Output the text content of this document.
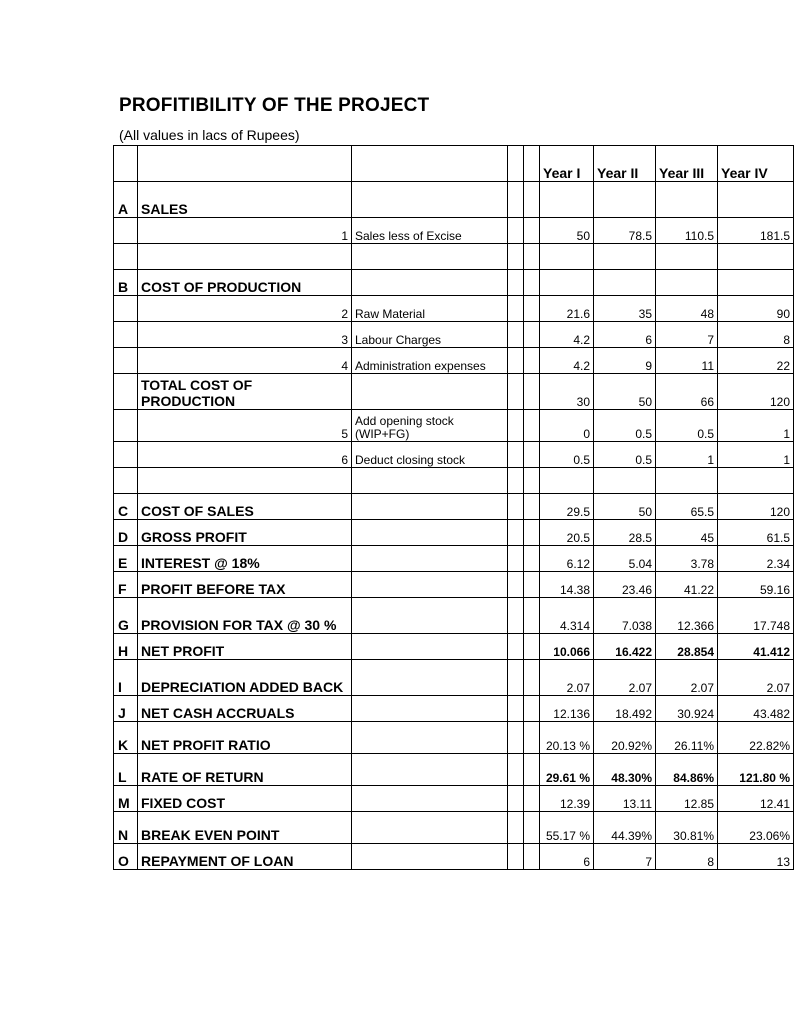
PROFITIBILITY OF THE PROJECT
(All values in lacs of Rupees)
					Year I	Year II	Year III	Year IV
A	SALES							
	1	Sales less of Excise			50	78.5	110.5	181.5

B	COST OF PRODUCTION							
	2	Raw Material			21.6	35	48	90
	3	Labour Charges			4.2	6	7	8
	4	Administration expenses			4.2	9	11	22
	TOTAL COST OF PRODUCTION				30	50	66	120
	5	Add opening stock (WIP+FG)			0	0.5	0.5	1
	6	Deduct closing stock			0.5	0.5	1	1

C	COST OF SALES				29.5	50	65.5	120
D	GROSS PROFIT				20.5	28.5	45	61.5
E	INTEREST @ 18%				6.12	5.04	3.78	2.34
F	PROFIT BEFORE TAX				14.38	23.46	41.22	59.16
G	PROVISION FOR TAX @ 30 %				4.314	7.038	12.366	17.748
H	NET PROFIT				10.066	16.422	28.854	41.412
I	DEPRECIATION ADDED BACK				2.07	2.07	2.07	2.07
J	NET CASH ACCRUALS				12.136	18.492	30.924	43.482
K	NET PROFIT RATIO				20.13 %	20.92%	26.11%	22.82%
L	RATE OF RETURN				29.61 %	48.30%	84.86%	121.80 %
M	FIXED COST				12.39	13.11	12.85	12.41
N	BREAK EVEN POINT				55.17 %	44.39%	30.81%	23.06%
O	REPAYMENT OF LOAN				6	7	8	13
